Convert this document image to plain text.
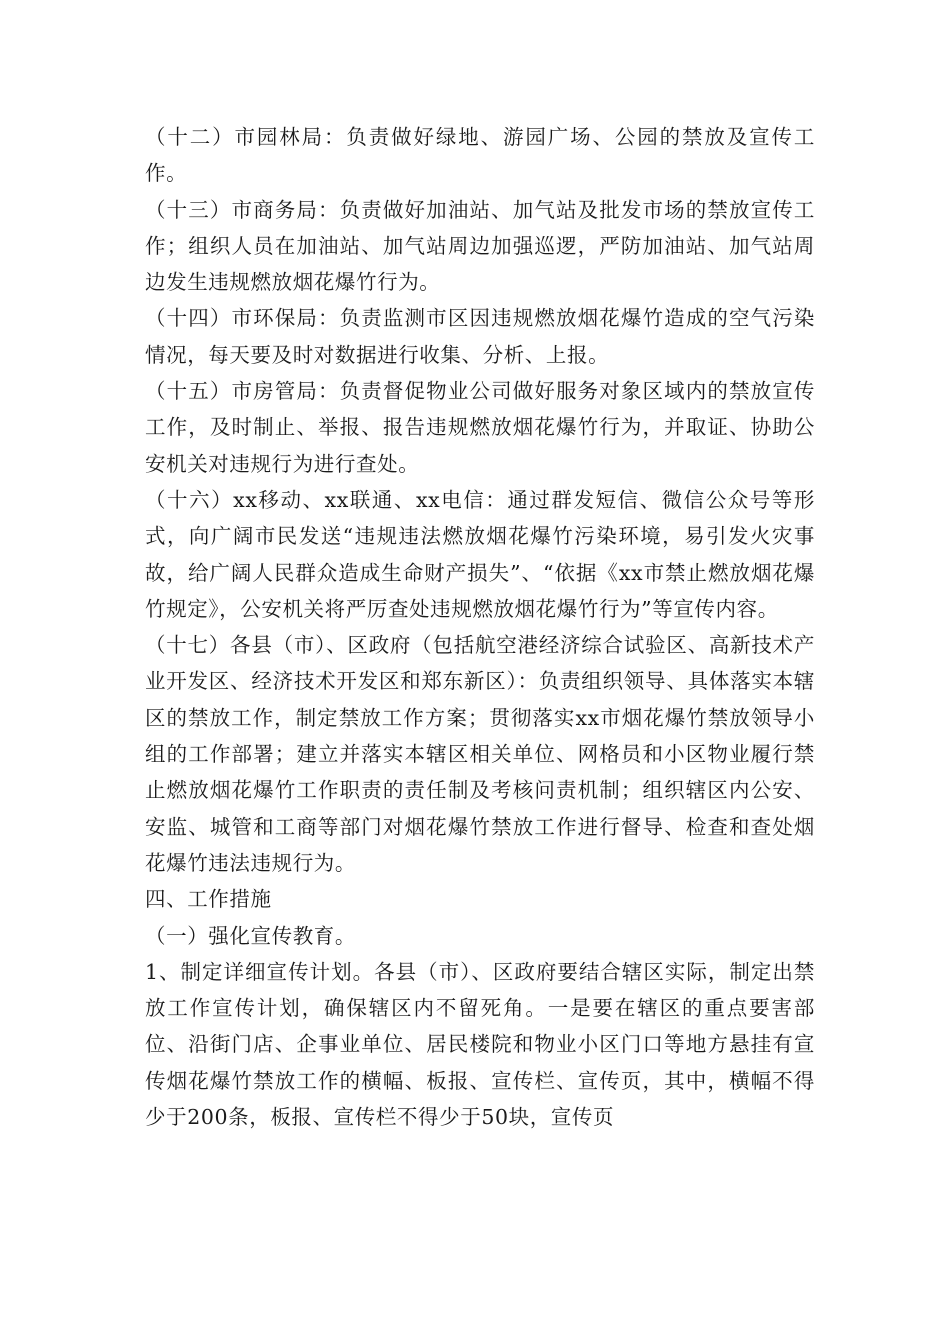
（十二）市园林局：负责做好绿地、游园广场、公园的禁放及宣传工作。

（十三）市商务局：负责做好加油站、加气站及批发市场的禁放宣传工作；组织人员在加油站、加气站周边加强巡逻，严防加油站、加气站周边发生违规燃放烟花爆竹行为。

（十四）市环保局：负责监测市区因违规燃放烟花爆竹造成的空气污染情况，每天要及时对数据进行收集、分析、上报。

（十五）市房管局：负责督促物业公司做好服务对象区域内的禁放宣传工作，及时制止、举报、报告违规燃放烟花爆竹行为，并取证、协助公安机关对违规行为进行查处。

（十六）xx移动、xx联通、xx电信：通过群发短信、微信公众号等形式，向广阔市民发送“违规违法燃放烟花爆竹污染环境，易引发火灾事故，给广阔人民群众造成生命财产损失”、“依据《xx市禁止燃放烟花爆竹规定》，公安机关将严厉查处违规燃放烟花爆竹行为”等宣传内容。

（十七）各县（市）、区政府（包括航空港经济综合试验区、高新技术产业开发区、经济技术开发区和郑东新区）：负责组织领导、具体落实本辖区的禁放工作，制定禁放工作方案；贯彻落实xx市烟花爆竹禁放领导小组的工作部署；建立并落实本辖区相关单位、网格员和小区物业履行禁止燃放烟花爆竹工作职责的责任制及考核问责机制；组织辖区内公安、安监、城管和工商等部门对烟花爆竹禁放工作进行督导、检查和查处烟花爆竹违法违规行为。

四、工作措施

（一）强化宣传教育。

1、制定详细宣传计划。各县（市）、区政府要结合辖区实际，制定出禁放工作宣传计划，确保辖区内不留死角。一是要在辖区的重点要害部位、沿街门店、企事业单位、居民楼院和物业小区门口等地方悬挂有宣传烟花爆竹禁放工作的横幅、板报、宣传栏、宣传页，其中，横幅不得少于200条，板报、宣传栏不得少于50块，宣传页
